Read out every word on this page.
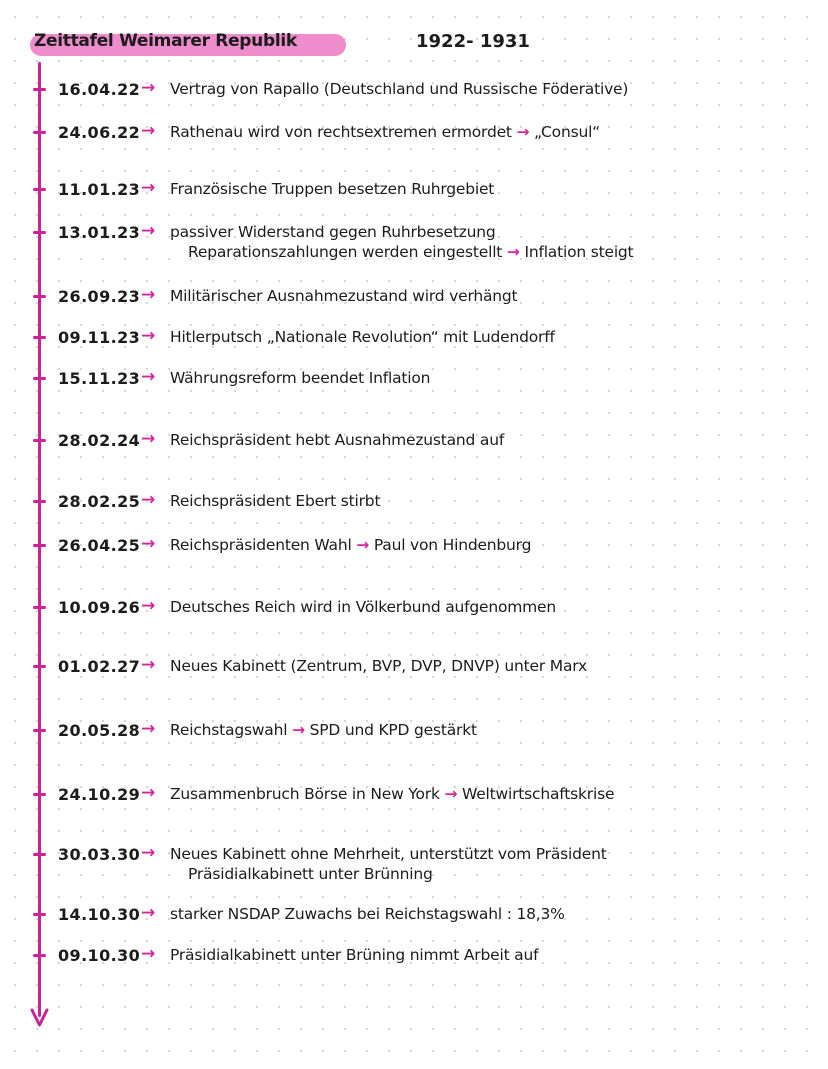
Zeittafel Weimarer Republik	1922- 1931
16.04.22 → Vertrag von Rapallo (Deutschland und Russische Föderative)
24.06.22 → Rathenau wird von rechtsextremen ermordet → „Consul“
11.01.23 → Französische Truppen besetzen Ruhrgebiet
13.01.23 → passiver Widerstand gegen Ruhrbesetzung
Reparationszahlungen werden eingestellt → Inflation steigt
26.09.23 → Militärischer Ausnahmezustand wird verhängt
09.11.23 → Hitlerputsch „Nationale Revolution“ mit Ludendorff
15.11.23 → Währungsreform beendet Inflation
28.02.24 → Reichspräsident hebt Ausnahmezustand auf
28.02.25 → Reichspräsident Ebert stirbt
26.04.25 → Reichspräsidenten Wahl → Paul von Hindenburg
10.09.26 → Deutsches Reich wird in Völkerbund aufgenommen
01.02.27 → Neues Kabinett (Zentrum, BVP, DVP, DNVP) unter Marx
20.05.28 → Reichstagswahl → SPD und KPD gestärkt
24.10.29 → Zusammenbruch Börse in New York → Weltwirtschaftskrise
30.03.30 → Neues Kabinett ohne Mehrheit, unterstützt vom Präsident
Präsidialkabinett unter Brünning
14.10.30 → starker NSDAP Zuwachs bei Reichstagswahl : 18,3%
09.10.30 → Präsidialkabinett unter Brüning nimmt Arbeit auf
